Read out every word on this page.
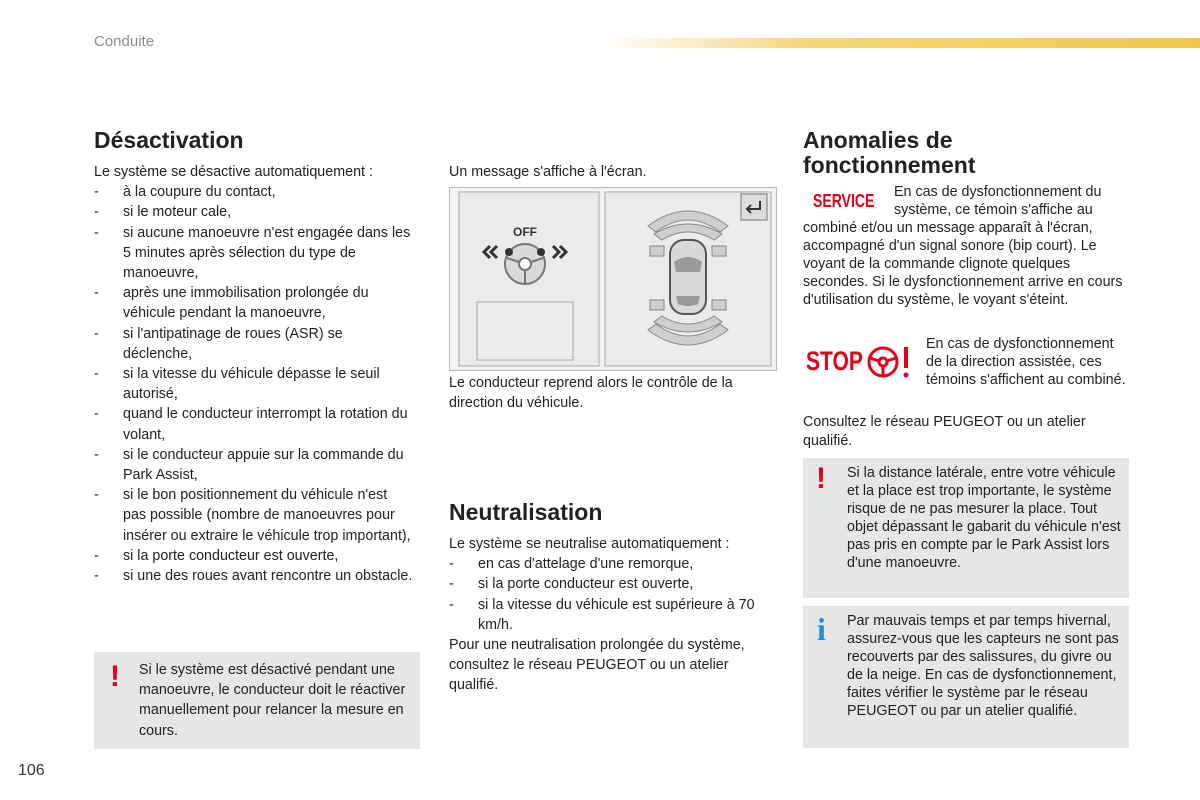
Conduite
Désactivation
Le système se désactive automatiquement :
- à la coupure du contact,
- si le moteur cale,
- si aucune manoeuvre n'est engagée dans les 5 minutes après sélection du type de manoeuvre,
- après une immobilisation prolongée du véhicule pendant la manoeuvre,
- si l'antipatinage de roues (ASR) se déclenche,
- si la vitesse du véhicule dépasse le seuil autorisé,
- quand le conducteur interrompt la rotation du volant,
- si le conducteur appuie sur la commande du Park Assist,
- si le bon positionnement du véhicule n'est pas possible (nombre de manoeuvres pour insérer ou extraire le véhicule trop important),
- si la porte conducteur est ouverte,
- si une des roues avant rencontre un obstacle.
! Si le système est désactivé pendant une manoeuvre, le conducteur doit le réactiver manuellement pour relancer la mesure en cours.
Un message s'affiche à l'écran.
OFF
Le conducteur reprend alors le contrôle de la direction du véhicule.
Neutralisation
Le système se neutralise automatiquement :
- en cas d'attelage d'une remorque,
- si la porte conducteur est ouverte,
- si la vitesse du véhicule est supérieure à 70 km/h.
Pour une neutralisation prolongée du système, consultez le réseau PEUGEOT ou un atelier qualifié.
Anomalies de
fonctionnement
SERVICE En cas de dysfonctionnement du système, ce témoin s'affiche au
combiné et/ou un message apparaît à l'écran, accompagné d'un signal sonore (bip court). Le voyant de la commande clignote quelques secondes. Si le dysfonctionnement arrive en cours d'utilisation du système, le voyant s'éteint.
STOP
En cas de dysfonctionnement de la direction assistée, ces témoins s'affichent au combiné.
Consultez le réseau PEUGEOT ou un atelier qualifié.
! Si la distance latérale, entre votre véhicule et la place est trop importante, le système risque de ne pas mesurer la place. Tout objet dépassant le gabarit du véhicule n'est pas pris en compte par le Park Assist lors d'une manoeuvre.
i Par mauvais temps et par temps hivernal, assurez-vous que les capteurs ne sont pas recouverts par des salissures, du givre ou de la neige. En cas de dysfonctionnement, faites vérifier le système par le réseau PEUGEOT ou par un atelier qualifié.
106
